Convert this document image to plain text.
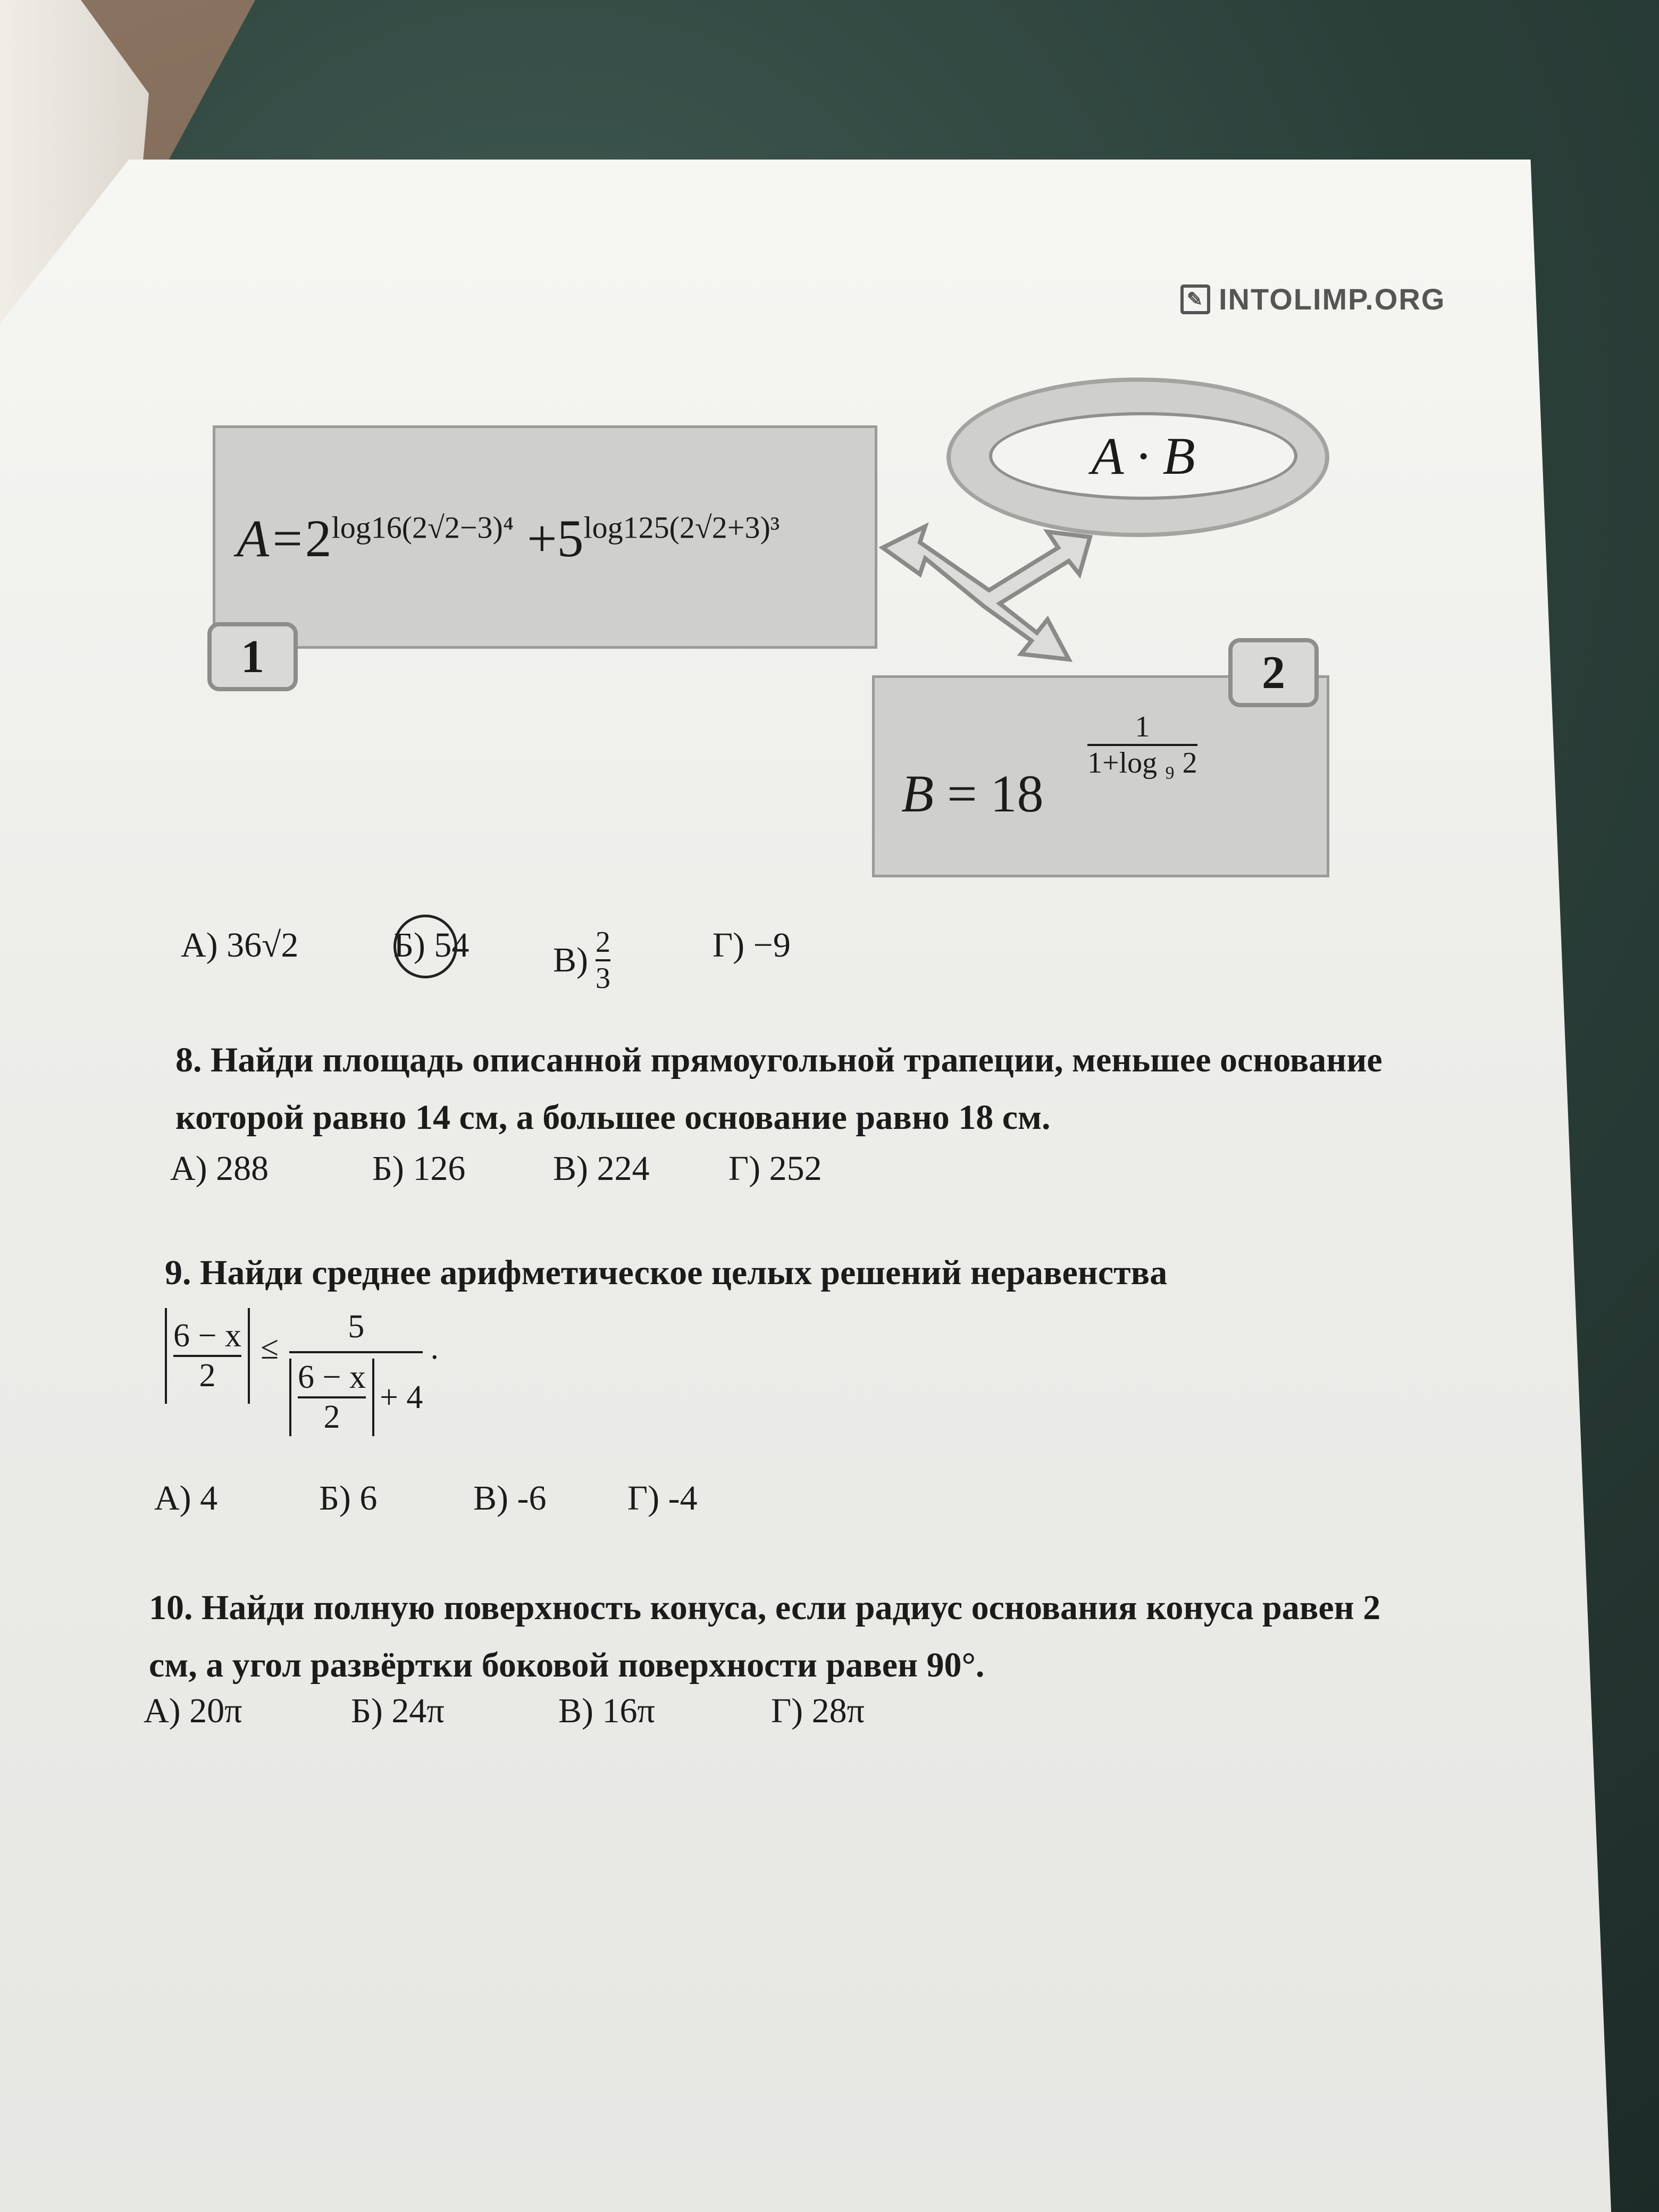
✎ INTOLIMP.ORG
$A=2^{log16(2√2-3)^4} +5^{log125(2√2+3)^3}$
1
A · B
B = 18
1
1+log ₉ 2
2
А) 36√2	Б) 54	$В) \frac{2}{3}$	Г) −9
8. Найди площадь описанной прямоугольной трапеции, меньшее основание
которой равно 14 см, а большее основание равно 18 см.
А) 288	Б) 126	В) 224	Г) 252
9. Найди среднее арифметическое целых решений неравенства
$\frac{6 - x}{2} \le \frac{5}{\frac{6 - x}{2} + 4}$ .
А) 4	Б) 6	В) -6	Г) -4
10. Найди полную поверхность конуса, если радиус основания конуса равен 2
см, а угол развёртки боковой поверхности равен 90°.
А) 20π	Б) 24π	В) 16π	Г) 28π
